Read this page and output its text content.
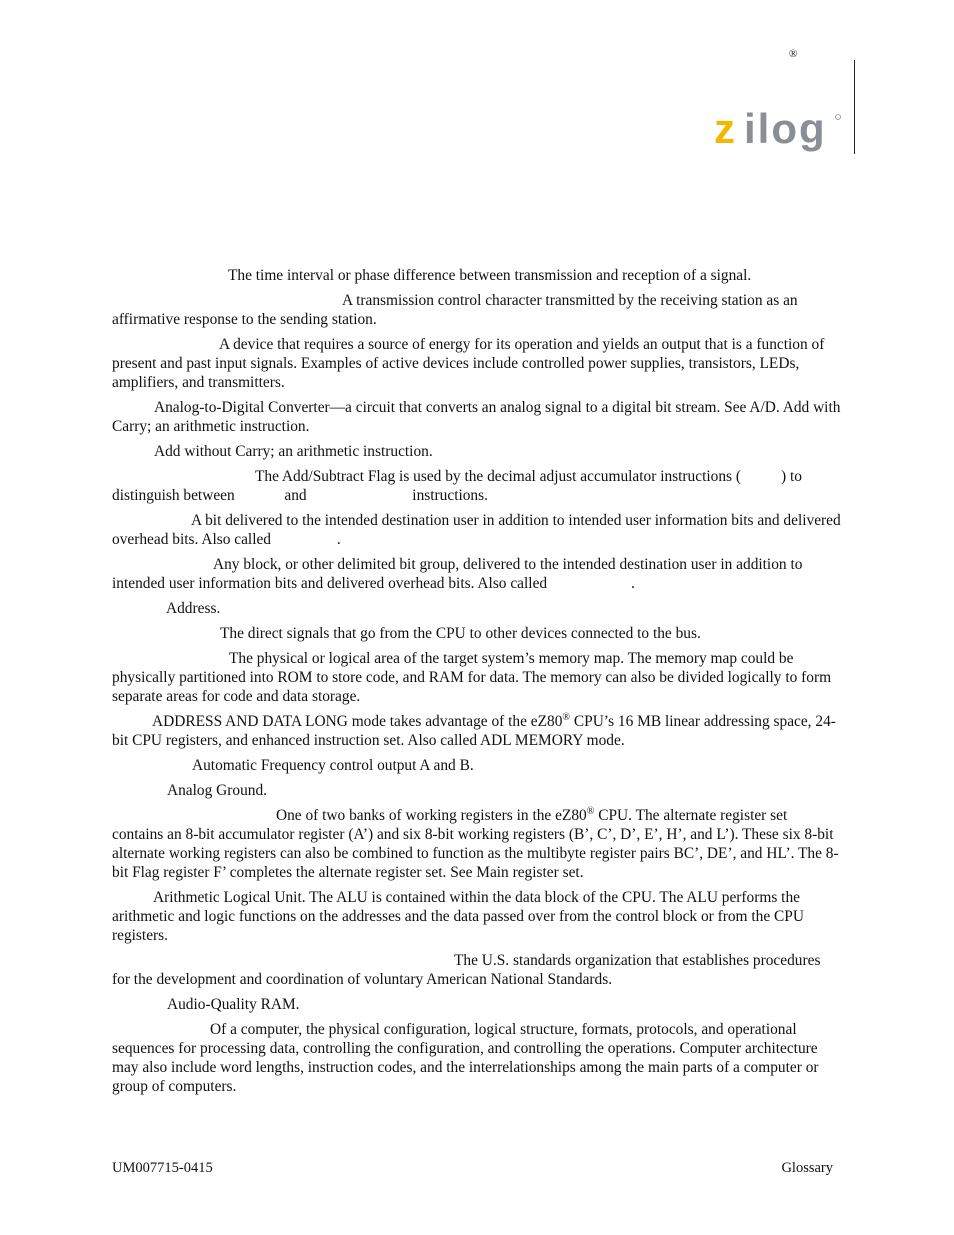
®
z ilog

The time interval or phase difference between transmission and reception of a signal.

A transmission control character transmitted by the receiving station as an affirmative response to the sending station.

A device that requires a source of energy for its operation and yields an output that is a function of present and past input signals. Examples of active devices include controlled power supplies, transistors, LEDs, amplifiers, and transmitters.

Analog-to-Digital Converter—a circuit that converts an analog signal to a digital bit stream. See A/D. Add with Carry; an arithmetic instruction.

Add without Carry; an arithmetic instruction.

The Add/Subtract Flag is used by the decimal adjust accumulator instructions (	) to distinguish between	and	instructions.

A bit delivered to the intended destination user in addition to intended user information bits and delivered overhead bits. Also called	.

Any block, or other delimited bit group, delivered to the intended destination user in addition to intended user information bits and delivered overhead bits. Also called	.

Address.

The direct signals that go from the CPU to other devices connected to the bus.

The physical or logical area of the target system’s memory map. The memory map could be physically partitioned into ROM to store code, and RAM for data. The memory can also be divided logically to form separate areas for code and data storage.

ADDRESS AND DATA LONG mode takes advantage of the eZ80® CPU’s 16 MB linear addressing space, 24-bit CPU registers, and enhanced instruction set. Also called ADL MEMORY mode.

Automatic Frequency control output A and B.

Analog Ground.

One of two banks of working registers in the eZ80® CPU. The alternate register set contains an 8-bit accumulator register (A’) and six 8-bit working registers (B’, C’, D’, E’, H’, and L’). These six 8-bit alternate working registers can also be combined to function as the multibyte register pairs BC’, DE’, and HL’. The 8-bit Flag register F’ completes the alternate register set. See Main register set.

Arithmetic Logical Unit. The ALU is contained within the data block of the CPU. The ALU performs the arithmetic and logic functions on the addresses and the data passed over from the control block or from the CPU registers.

The U.S. standards organization that establishes procedures for the development and coordination of voluntary American National Standards.

Audio-Quality RAM.

Of a computer, the physical configuration, logical structure, formats, protocols, and operational sequences for processing data, controlling the configuration, and controlling the operations. Computer architecture may also include word lengths, instruction codes, and the interrelationships among the main parts of a computer or group of computers.

UM007715-0415	Glossary
